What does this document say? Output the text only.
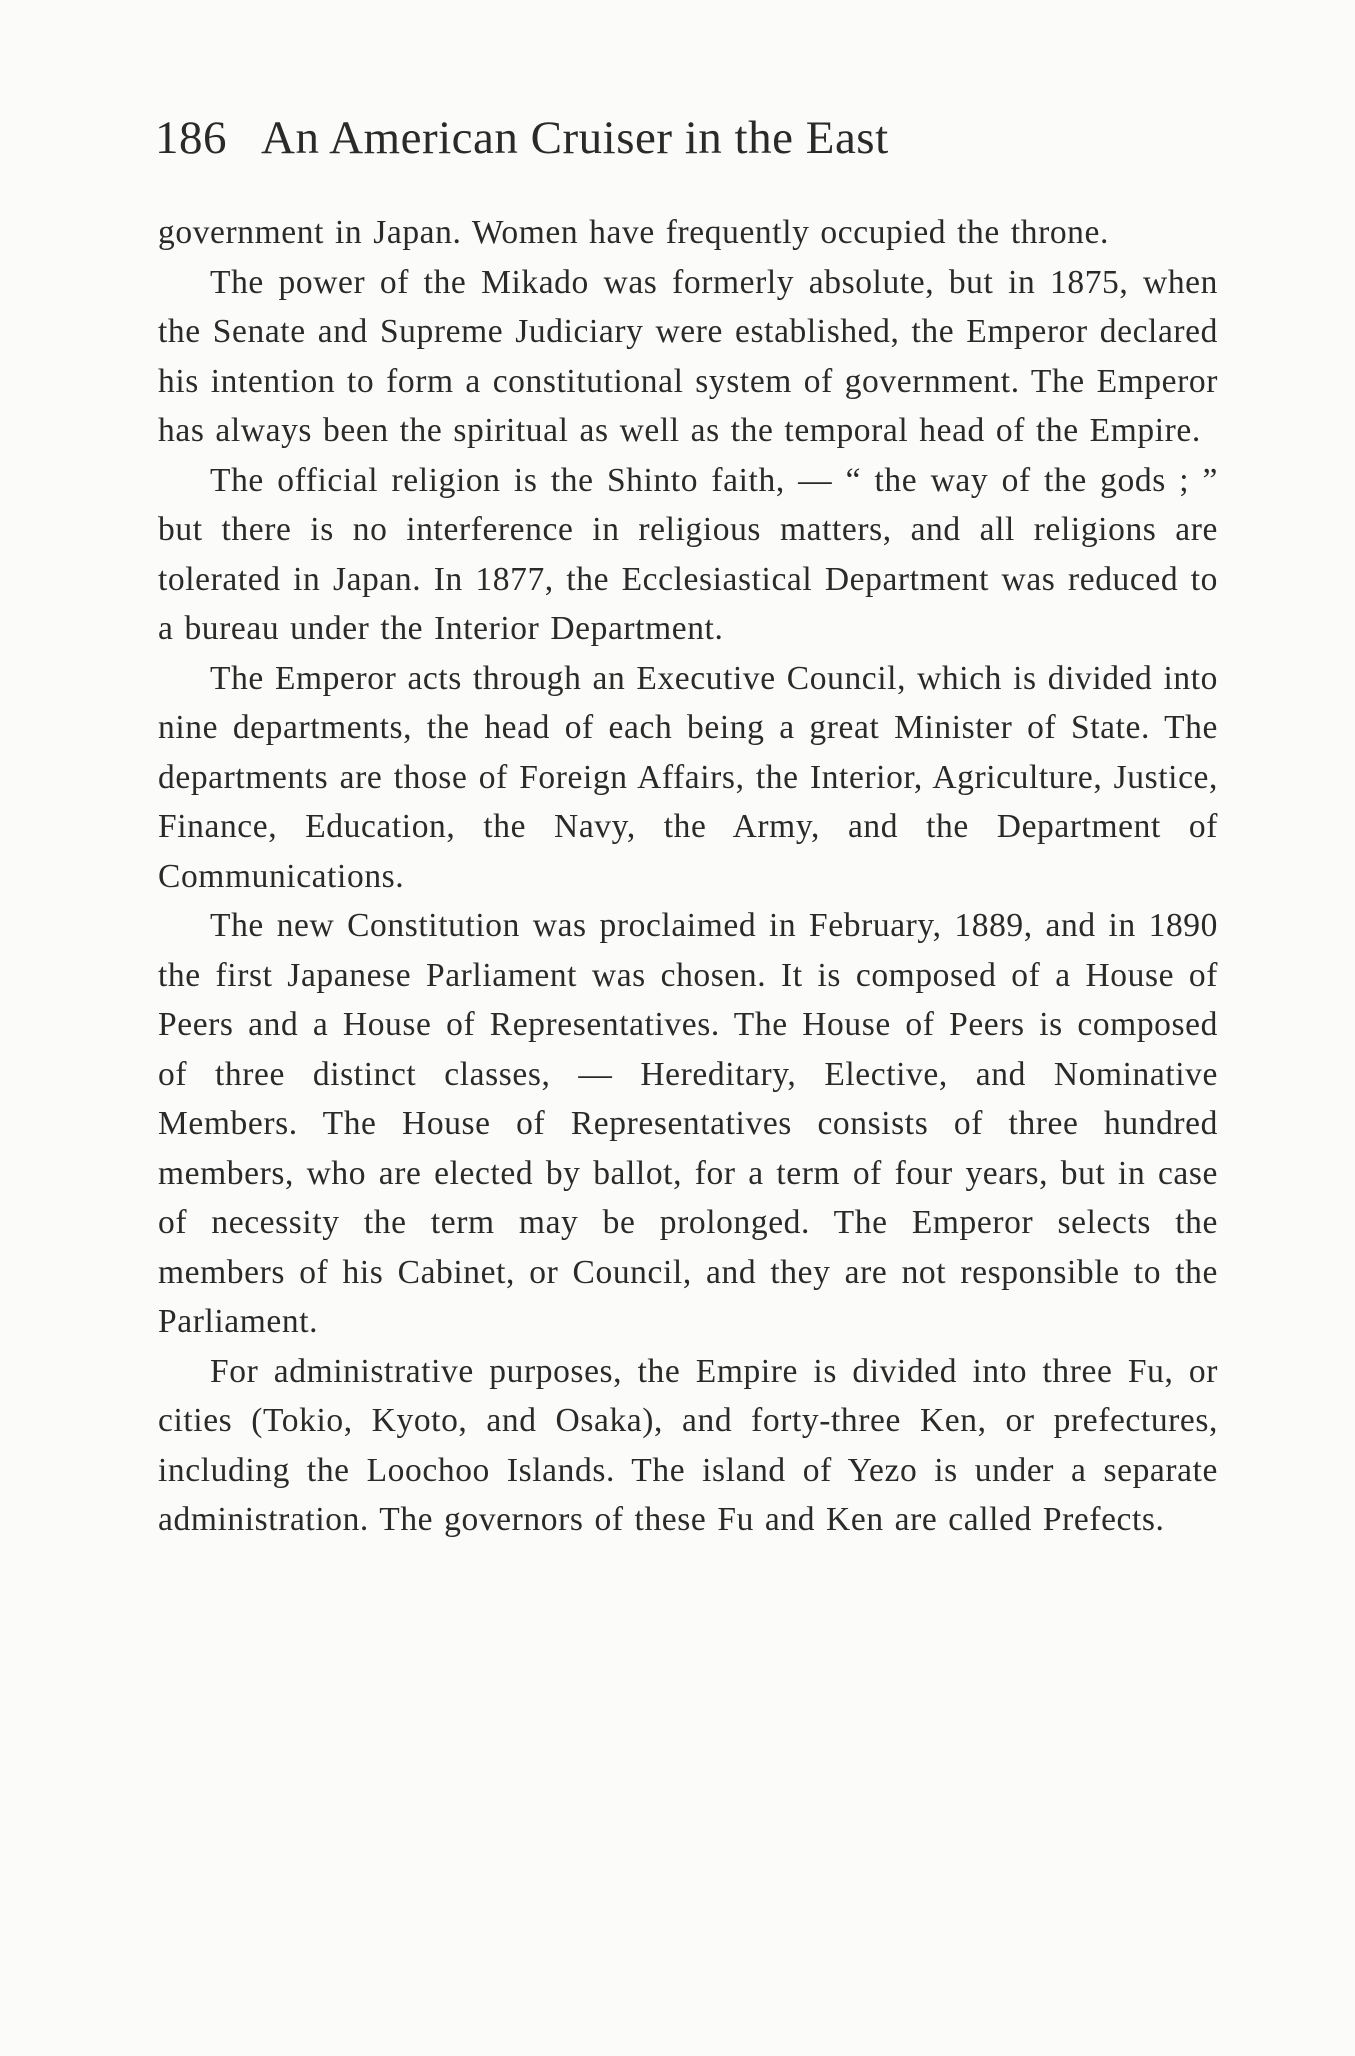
186 An American Cruiser in the East

government in Japan. Women have frequently occupied the throne.

The power of the Mikado was formerly absolute, but in 1875, when the Senate and Supreme Judiciary were established, the Emperor declared his intention to form a constitutional system of government. The Emperor has always been the spiritual as well as the temporal head of the Empire.

The official religion is the Shinto faith, — “ the way of the gods ; ” but there is no interference in religious matters, and all religions are tolerated in Japan. In 1877, the Ecclesiastical Department was reduced to a bureau under the Interior Department.

The Emperor acts through an Executive Council, which is divided into nine departments, the head of each being a great Minister of State. The departments are those of Foreign Affairs, the Interior, Agriculture, Justice, Finance, Education, the Navy, the Army, and the Department of Communications.

The new Constitution was proclaimed in February, 1889, and in 1890 the first Japanese Parliament was chosen. It is composed of a House of Peers and a House of Representatives. The House of Peers is composed of three distinct classes, — Hereditary, Elective, and Nominative Members. The House of Representatives consists of three hundred members, who are elected by ballot, for a term of four years, but in case of necessity the term may be prolonged. The Emperor selects the members of his Cabinet, or Council, and they are not responsible to the Parliament.

For administrative purposes, the Empire is divided into three Fu, or cities (Tokio, Kyoto, and Osaka), and forty-three Ken, or prefectures, including the Loochoo Islands. The island of Yezo is under a separate administration. The governors of these Fu and Ken are called Prefects.
